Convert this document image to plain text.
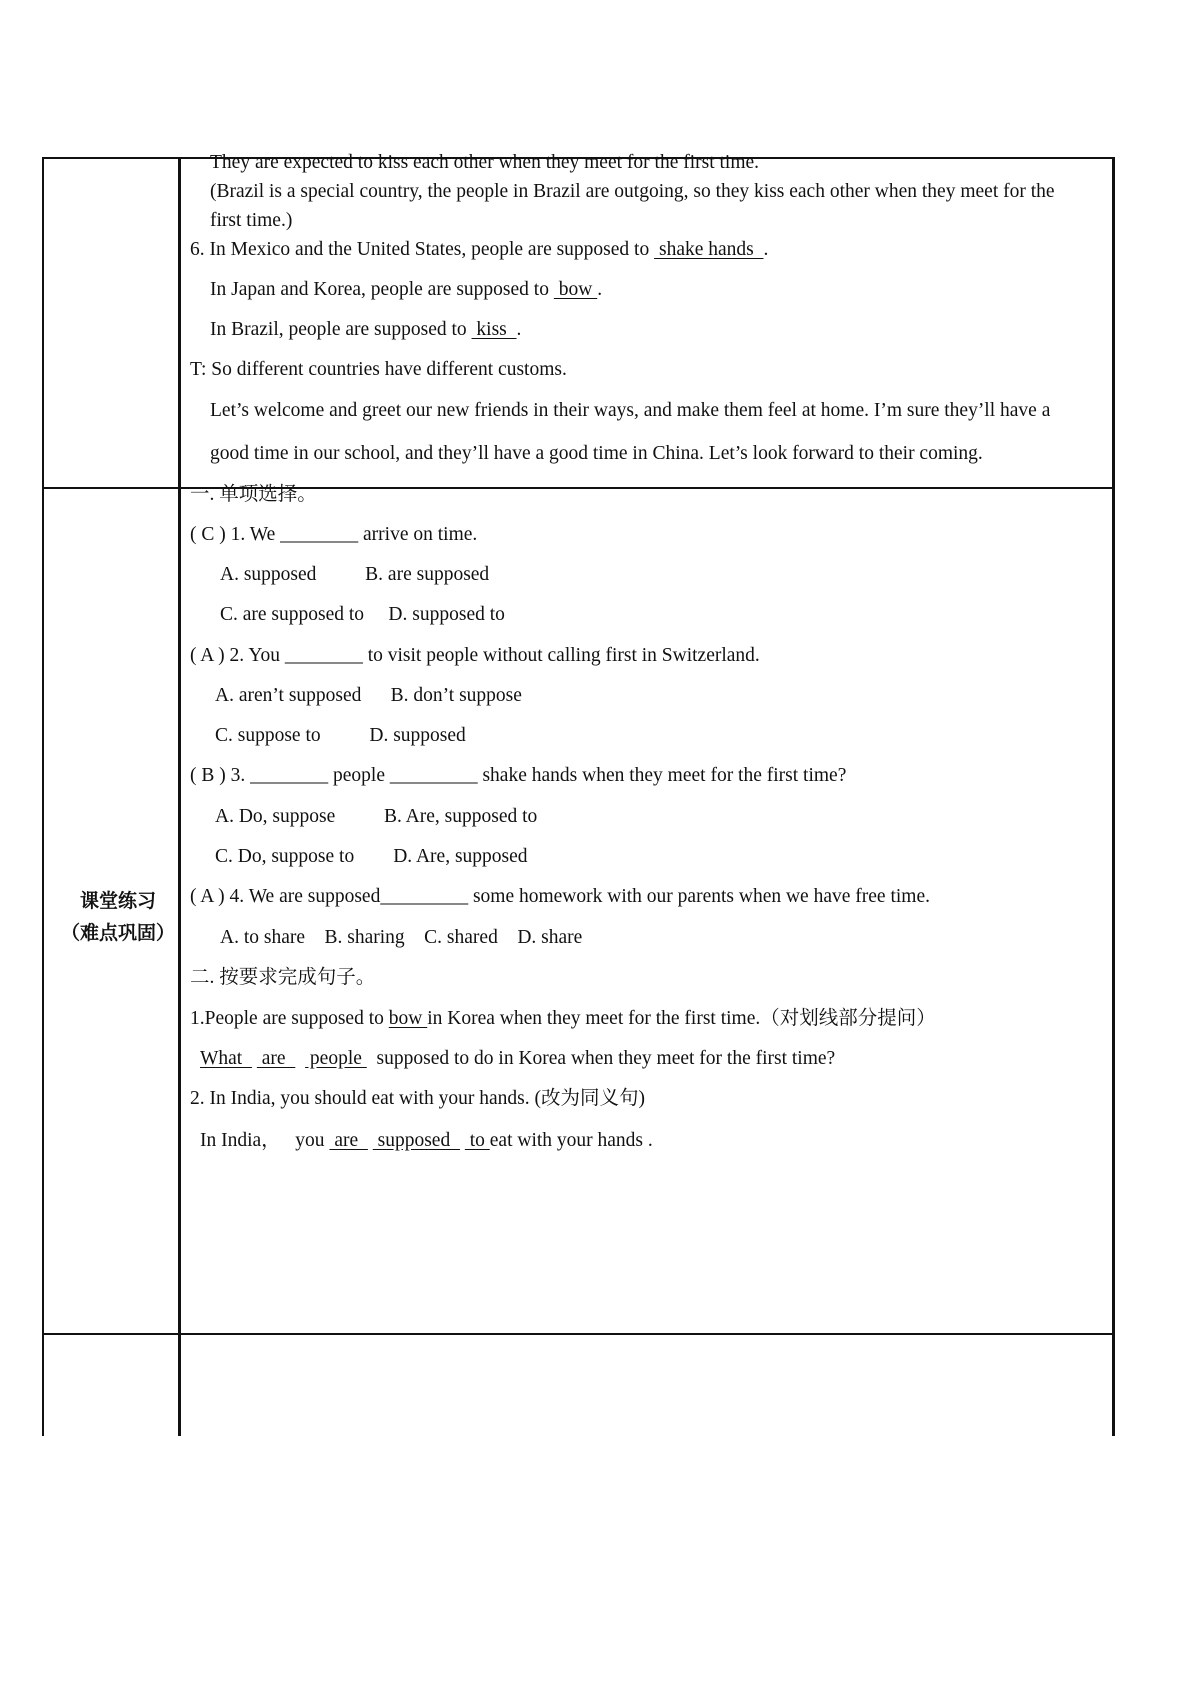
课堂练习
（难点巩固）
They are expected to kiss each other when they meet for the first time.
(Brazil is a special country, the people in Brazil are outgoing, so they kiss each other when they meet for the
first time.)
6. In Mexico and the United States, people are supposed to  shake hands  .
In Japan and Korea, people are supposed to  bow .
In Brazil, people are supposed to  kiss  .
T: So different countries have different customs.
Let’s welcome and greet our new friends in their ways, and make them feel at home. I’m sure they’ll have a
good time in our school, and they’ll have a good time in China. Let’s look forward to their coming.
一. 单项选择。
( C ) 1. We ________ arrive on time.
A. supposed          B. are supposed
C. are supposed to     D. supposed to
( A ) 2. You ________ to visit people without calling first in Switzerland.
A. aren’t supposed      B. don’t suppose
C. suppose to          D. supposed
( B ) 3. ________ people _________ shake hands when they meet for the first time?
A. Do, suppose          B. Are, supposed to
C. Do, suppose to        D. Are, supposed
( A ) 4. We are supposed_________ some homework with our parents when we have free time.
A. to share    B. sharing    C. shared    D. share
二. 按要求完成句子。
1.People are supposed to bow in Korea when they meet for the first time.（对划线部分提问）
What    are     people   supposed to do in Korea when they meet for the first time?
2. In India, you should eat with your hands. (改为同义句)
In India，   you  are    supposed    to eat with your hands .
